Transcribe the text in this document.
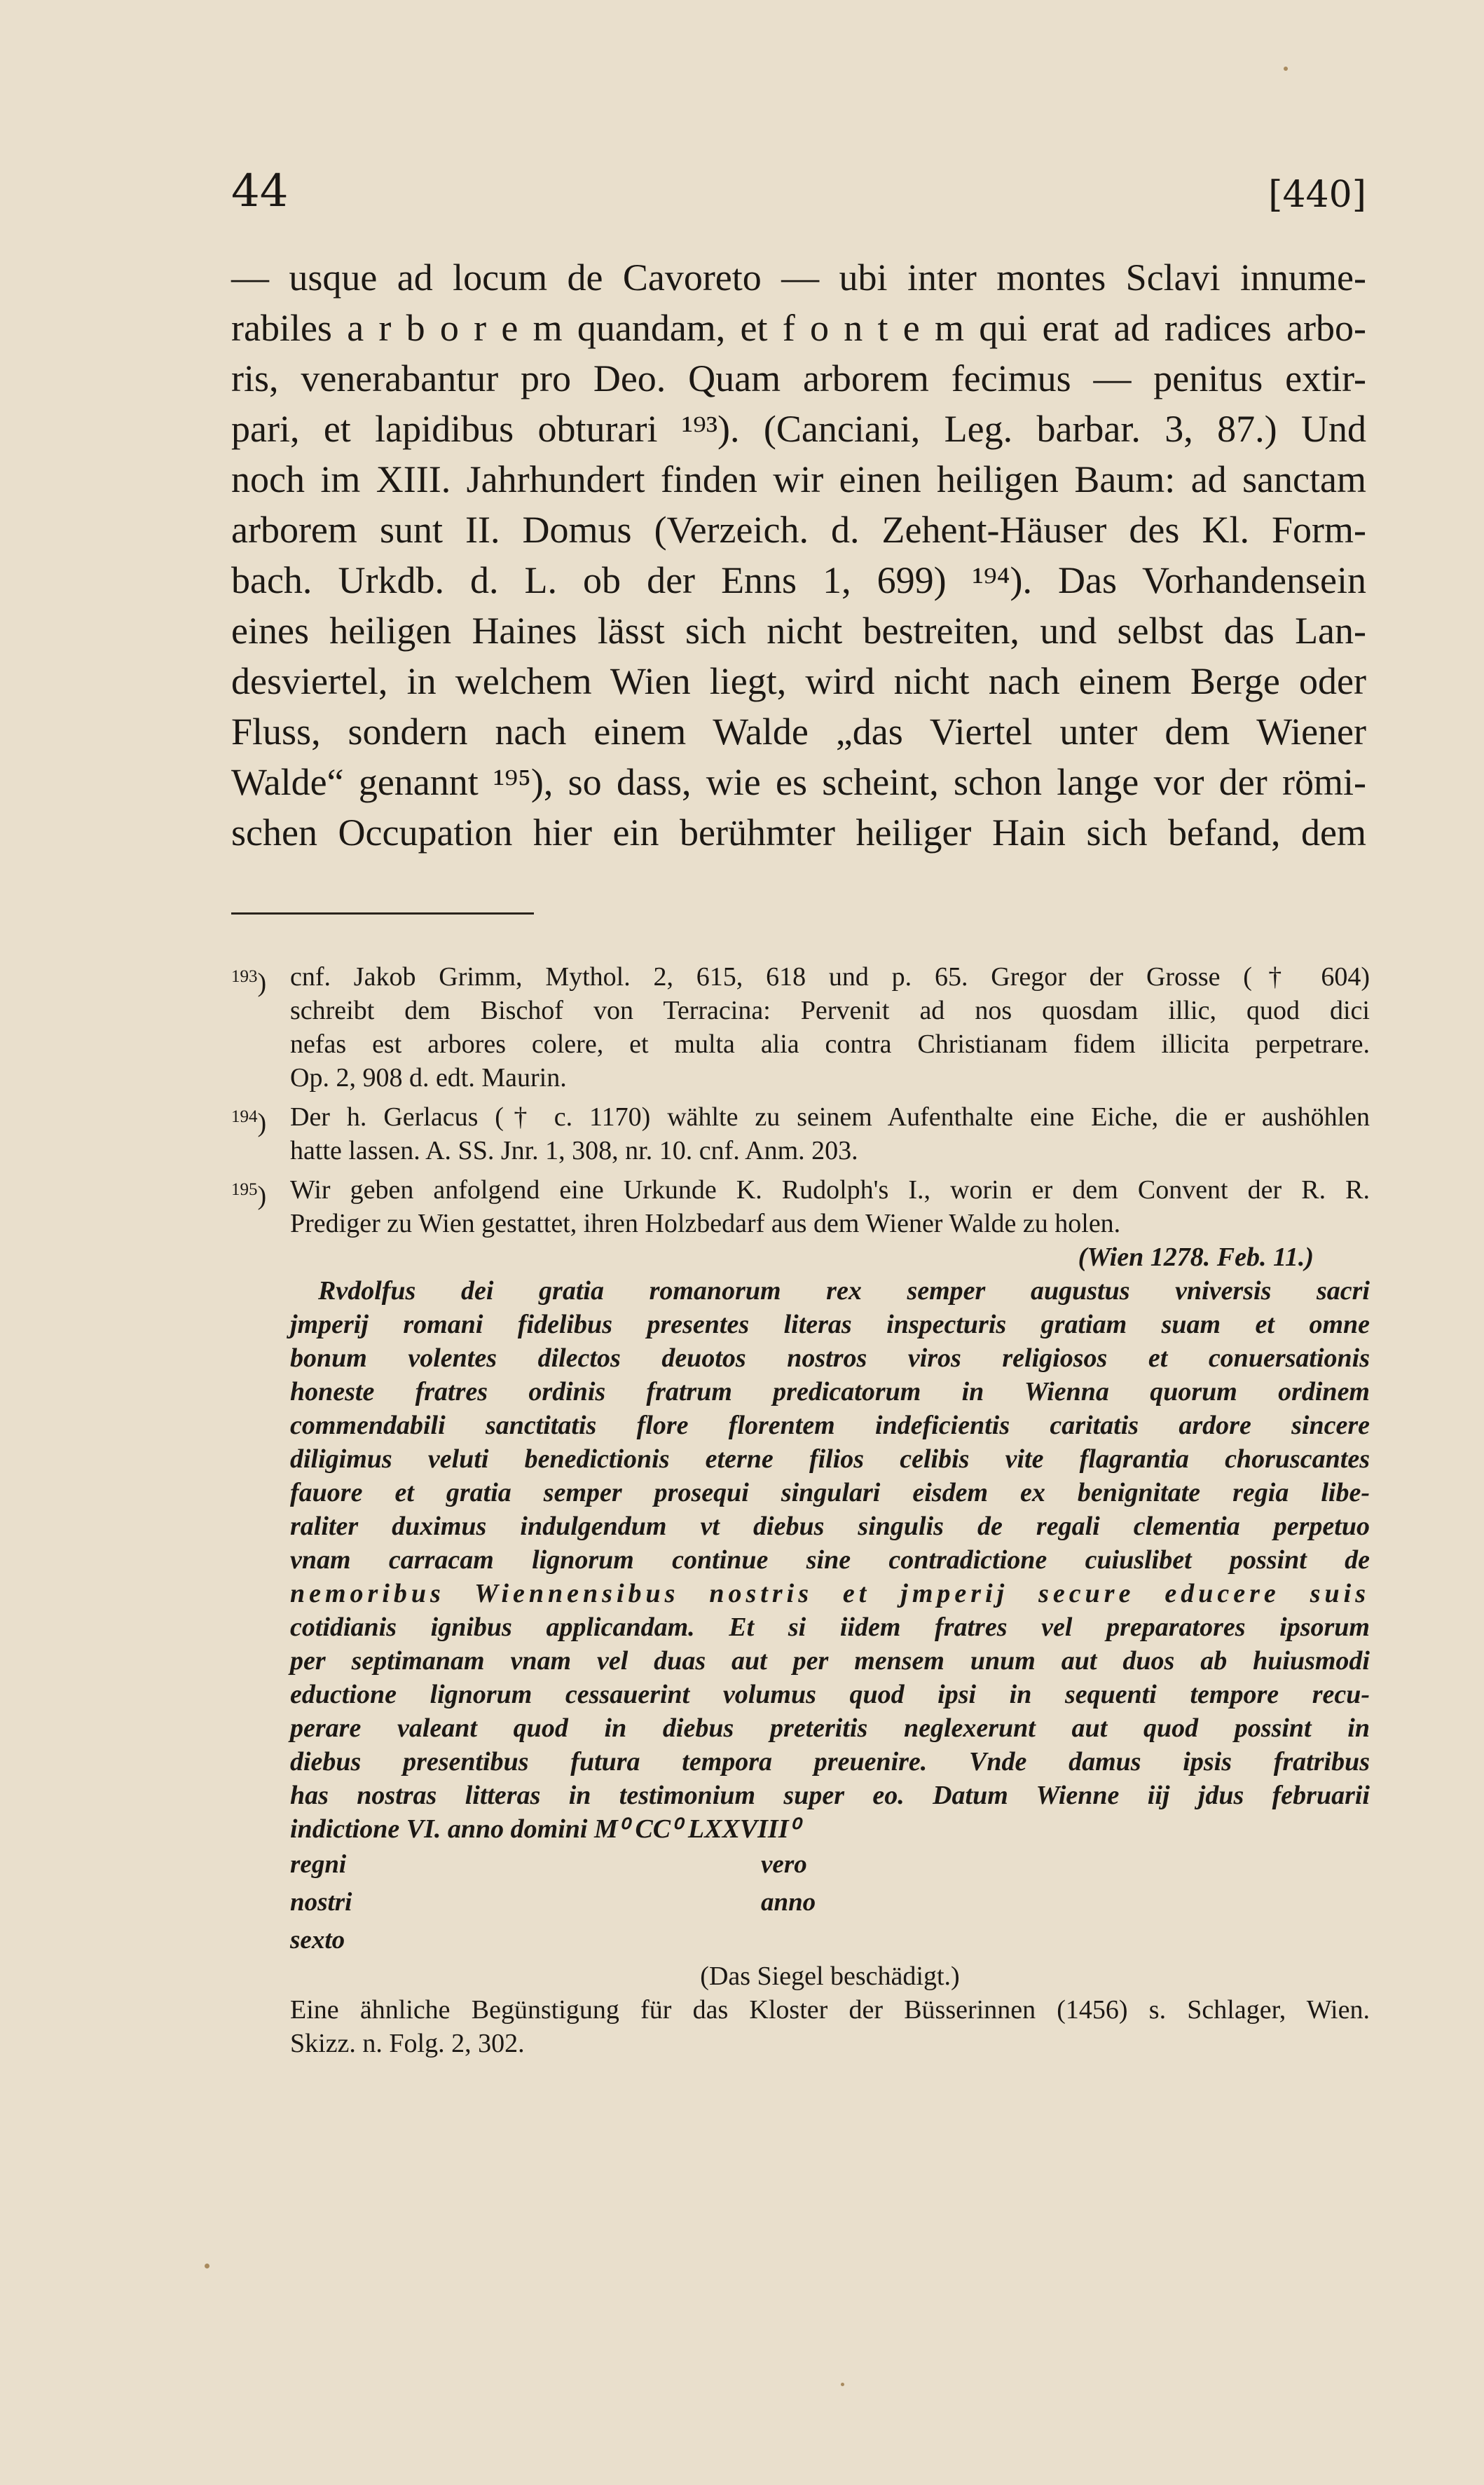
44	[440]
— usque ad locum de Cavoreto — ubi inter montes Sclavi innume-
rabiles a r b o r e m quandam, et f o n t e m qui erat ad radices arbo-
ris, venerabantur pro Deo. Quam arborem fecimus — penitus extir-
pari, et lapidibus obturari ¹⁹³). (Canciani, Leg. barbar. 3, 87.) Und
noch im XIII. Jahrhundert finden wir einen heiligen Baum: ad sanctam
arborem sunt II. Domus (Verzeich. d. Zehent-Häuser des Kl. Form-
bach. Urkdb. d. L. ob der Enns 1, 699) ¹⁹⁴). Das Vorhandensein
eines heiligen Haines lässt sich nicht bestreiten, und selbst das Lan-
desviertel, in welchem Wien liegt, wird nicht nach einem Berge oder
Fluss, sondern nach einem Walde „das Viertel unter dem Wiener
Walde“ genannt ¹⁹⁵), so dass, wie es scheint, schon lange vor der römi-
schen Occupation hier ein berühmter heiliger Hain sich befand, dem
$^{193}$) cnf. Jakob Grimm, Mythol. 2, 615, 618 und p. 65. Gregor der Grosse († 604)
schreibt dem Bischof von Terracina: Pervenit ad nos quosdam illic, quod dici
nefas est arbores colere, et multa alia contra Christianam fidem illicita perpetrare.
Op. 2, 908 d. edt. Maurin.
$^{194}$) Der h. Gerlacus († c. 1170) wählte zu seinem Aufenthalte eine Eiche, die er aushöhlen
hatte lassen. A. SS. Jnr. 1, 308, nr. 10. cnf. Anm. 203.
$^{195}$) Wir geben anfolgend eine Urkunde K. Rudolph's I., worin er dem Convent der R. R.
Prediger zu Wien gestattet, ihren Holzbedarf aus dem Wiener Walde zu holen.
(Wien 1278. Feb. 11.)
Rvdolfus dei gratia romanorum rex semper augustus vniversis sacri
jmperij romani fidelibus presentes literas inspecturis gratiam suam et omne
bonum volentes dilectos deuotos nostros viros religiosos et conuersationis
honeste fratres ordinis fratrum predicatorum in Wienna quorum ordinem
commendabili sanctitatis flore florentem indeficientis caritatis ardore sincere
diligimus veluti benedictionis eterne filios celibis vite flagrantia choruscantes
fauore et gratia semper prosequi singulari eisdem ex benignitate regia libe-
raliter duximus indulgendum vt diebus singulis de regali clementia perpetuo
vnam carracam lignorum continue sine contradictione cuiuslibet possint de
nemoribus Wiennensibus nostris et jmperij secure educere suis
cotidianis ignibus applicandam. Et si iidem fratres vel preparatores ipsorum
per septimanam vnam vel duas aut per mensem unum aut duos ab huiusmodi
eductione lignorum cessauerint volumus quod ipsi in sequenti tempore recu-
perare valeant quod in diebus preteritis neglexerunt aut quod possint in
diebus presentibus futura tempora preuenire. Vnde damus ipsis fratribus
has nostras litteras in testimonium super eo. Datum Wienne iij jdus februarii
indictione VI. anno domini M⁰ CC⁰ LXXVIII⁰
regni	vero
nostri	anno
sexto
(Das Siegel beschädigt.)
Eine ähnliche Begünstigung für das Kloster der Büsserinnen (1456) s. Schlager, Wien.
Skizz. n. Folg. 2, 302.
